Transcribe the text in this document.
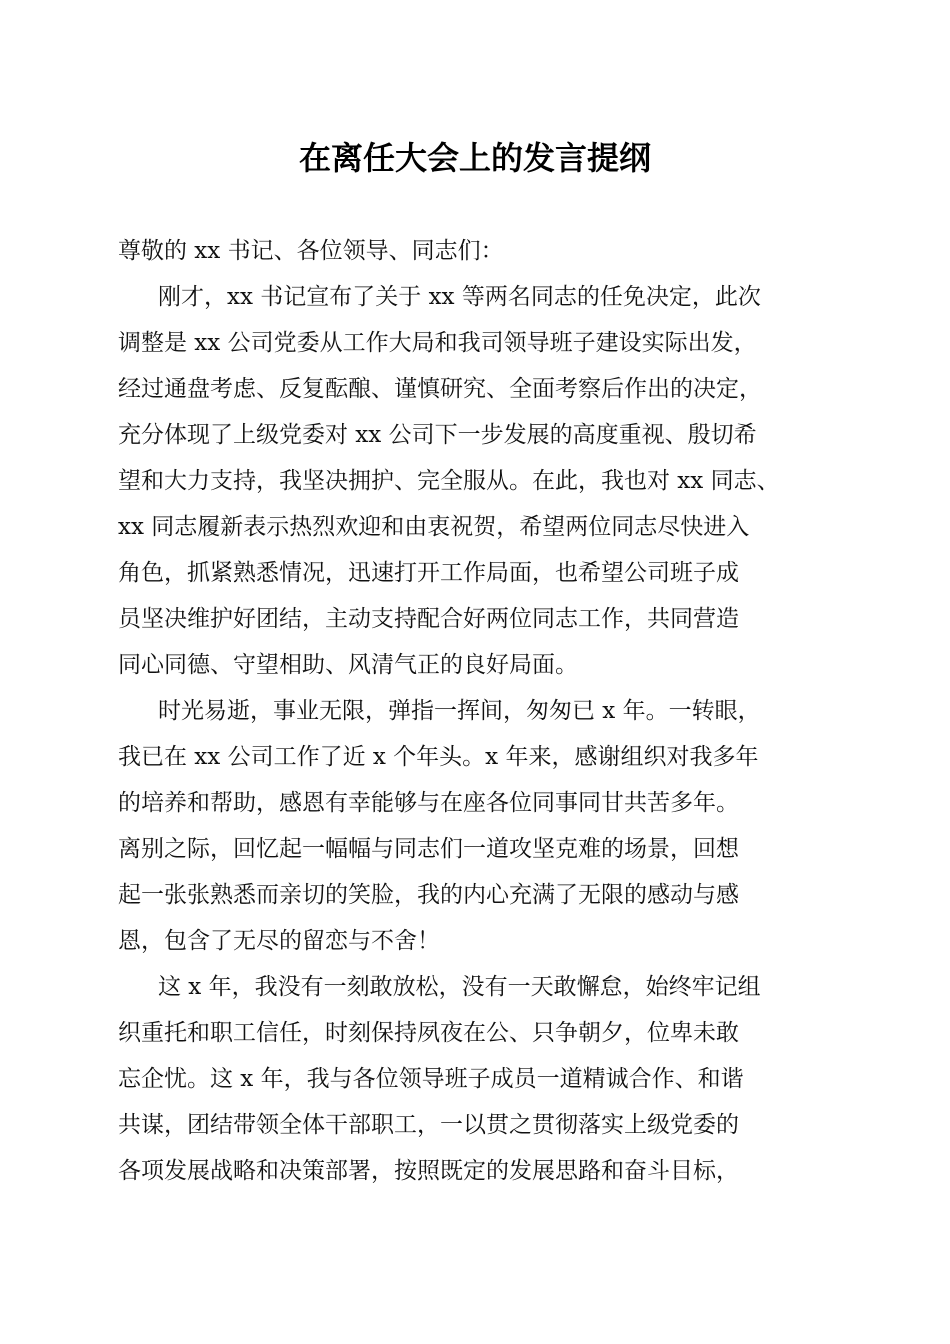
在离任大会上的发言提纲

尊敬的 xx 书记、各位领导、同志们：

刚才，xx 书记宣布了关于 xx 等两名同志的任免决定，此次
调整是 xx 公司党委从工作大局和我司领导班子建设实际出发，
经过通盘考虑、反复酝酿、谨慎研究、全面考察后作出的决定，
充分体现了上级党委对 xx 公司下一步发展的高度重视、殷切希
望和大力支持，我坚决拥护、完全服从。在此，我也对 xx 同志、
xx 同志履新表示热烈欢迎和由衷祝贺，希望两位同志尽快进入
角色，抓紧熟悉情况，迅速打开工作局面，也希望公司班子成
员坚决维护好团结，主动支持配合好两位同志工作，共同营造
同心同德、守望相助、风清气正的良好局面。
时光易逝，事业无限，弹指一挥间，匆匆已 x 年。一转眼，
我已在 xx 公司工作了近 x 个年头。x 年来，感谢组织对我多年
的培养和帮助，感恩有幸能够与在座各位同事同甘共苦多年。
离别之际，回忆起一幅幅与同志们一道攻坚克难的场景，回想
起一张张熟悉而亲切的笑脸，我的内心充满了无限的感动与感
恩，包含了无尽的留恋与不舍！
这 x 年，我没有一刻敢放松，没有一天敢懈怠，始终牢记组
织重托和职工信任，时刻保持夙夜在公、只争朝夕，位卑未敢
忘企忧。这 x 年，我与各位领导班子成员一道精诚合作、和谐
共谋，团结带领全体干部职工，一以贯之贯彻落实上级党委的
各项发展战略和决策部署，按照既定的发展思路和奋斗目标，
